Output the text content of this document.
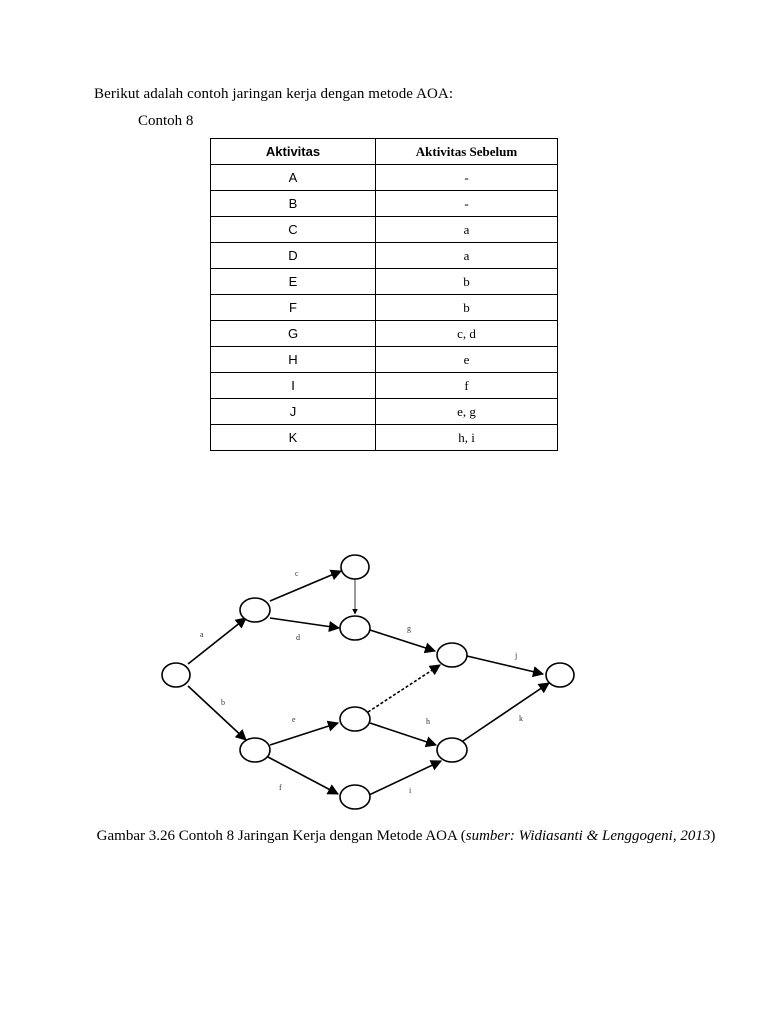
Berikut adalah contoh jaringan kerja dengan metode AOA:
Contoh 8
Aktivitas	Aktivitas Sebelum
A	-
B	-
C	a
D	a
E	b
F	b
G	c, d
H	e
I	f
J	e, g
K	h, i
a
b
c
d
g
e
f
h
i
j
k
Gambar 3.26 Contoh 8 Jaringan Kerja dengan Metode AOA (sumber: Widiasanti & Lenggogeni, 2013)
